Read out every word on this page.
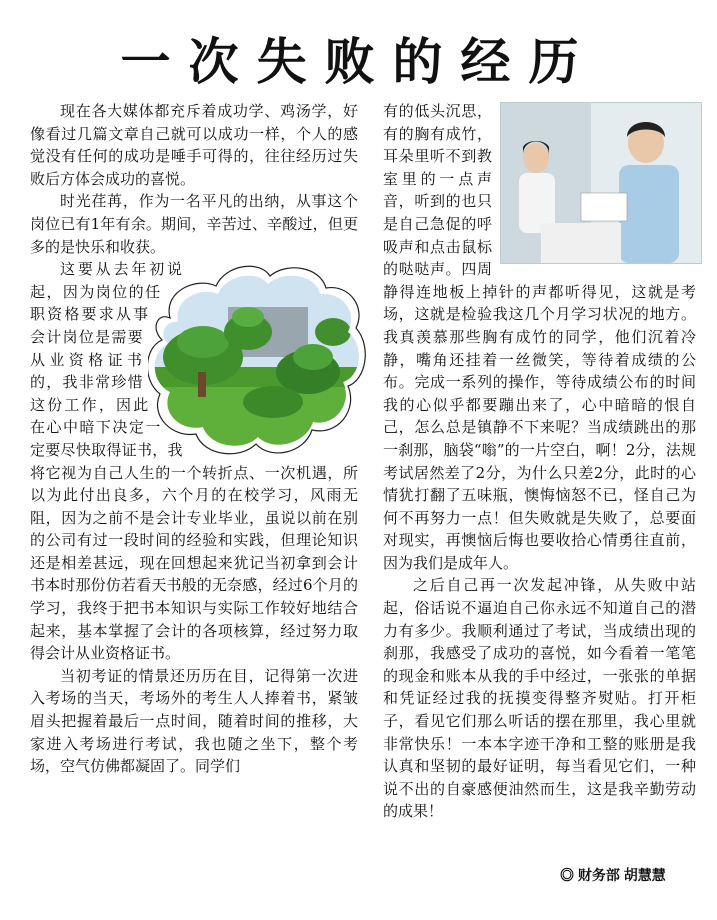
一次失败的经历

现在各大媒体都充斥着成功学、鸡汤学，好像看过几篇文章自己就可以成功一样，个人的感觉没有任何的成功是唾手可得的，往往经历过失败后方体会成功的喜悦。

时光荏苒，作为一名平凡的出纳，从事这个岗位已有1年有余。期间，辛苦过、辛酸过，但更多的是快乐和收获。

这要从去年初说起，因为岗位的任职资格要求从事会计岗位是需要从业资格证书的，我非常珍惜这份工作，因此在心中暗下决定一定要尽快取得证书，我将它视为自己人生的一个转折点、一次机遇，所以为此付出良多，六个月的在校学习，风雨无阻，因为之前不是会计专业毕业，虽说以前在别的公司有过一段时间的经验和实践，但理论知识还是相差甚远，现在回想起来犹记当初拿到会计书本时那份仿若看天书般的无奈感，经过6个月的学习，我终于把书本知识与实际工作较好地结合起来，基本掌握了会计的各项核算，经过努力取得会计从业资格证书。

当初考证的情景还历历在目，记得第一次进入考场的当天，考场外的考生人人捧着书，紧皱眉头把握着最后一点时间，随着时间的推移，大家进入考场进行考试，我也随之坐下，整个考场，空气仿佛都凝固了。同学们

有的低头沉思，有的胸有成竹，耳朵里听不到教室里的一点声音，听到的也只是自己急促的呼吸声和点击鼠标的哒哒声。四周静得连地板上掉针的声都听得见，这就是考场，这就是检验我这几个月学习状况的地方。我真羡慕那些胸有成竹的同学，他们沉着冷静，嘴角还挂着一丝微笑，等待着成绩的公布。完成一系列的操作，等待成绩公布的时间我的心似乎都要蹦出来了，心中暗暗的恨自己，怎么总是镇静不下来呢？当成绩跳出的那一刹那，脑袋“嗡”的一片空白，啊！2分，法规考试居然差了2分，为什么只差2分，此时的心情犹打翻了五味瓶，懊悔恼怒不已，怪自己为何不再努力一点！但失败就是失败了，总要面对现实，再懊恼后悔也要收拾心情勇往直前，因为我们是成年人。

之后自己再一次发起冲锋，从失败中站起，俗话说不逼迫自己你永远不知道自己的潜力有多少。我顺利通过了考试，当成绩出现的刹那，我感受了成功的喜悦，如今看着一笔笔的现金和账本从我的手中经过，一张张的单据和凭证经过我的抚摸变得整齐熨贴。打开柜子，看见它们那么听话的摆在那里，我心里就非常快乐！一本本字迹干净和工整的账册是我认真和坚韧的最好证明，每当看见它们，一种说不出的自豪感便油然而生，这是我辛勤劳动的成果！

◎ 财务部 胡慧慧
